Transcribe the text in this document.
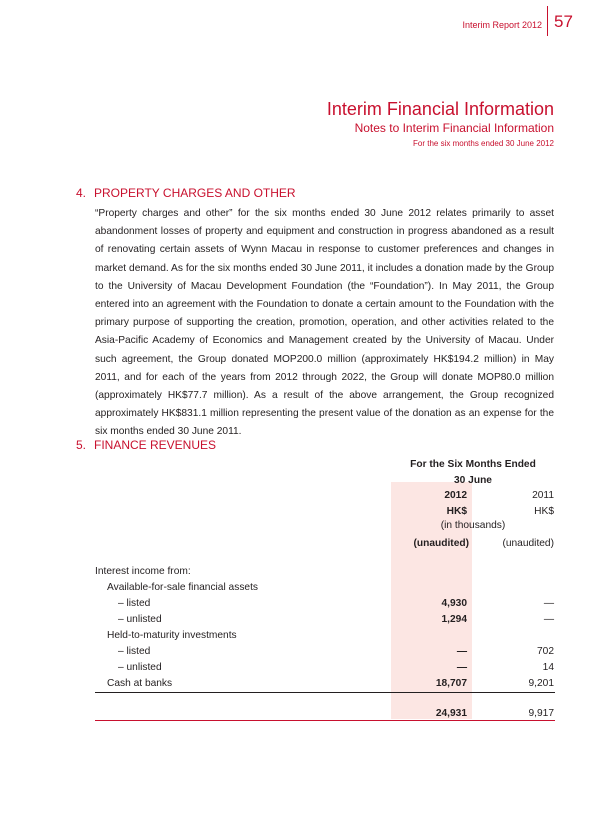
Interim Report 2012 57
Interim Financial Information
Notes to Interim Financial Information
For the six months ended 30 June 2012
4. PROPERTY CHARGES AND OTHER
“Property charges and other” for the six months ended 30 June 2012 relates primarily to asset abandonment losses of property and equipment and construction in progress abandoned as a result of renovating certain assets of Wynn Macau in response to customer preferences and changes in market demand. As for the six months ended 30 June 2011, it includes a donation made by the Group to the University of Macau Development Foundation (the “Foundation”). In May 2011, the Group entered into an agreement with the Foundation to donate a certain amount to the Foundation with the primary purpose of supporting the creation, promotion, operation, and other activities related to the Asia-Pacific Academy of Economics and Management created by the University of Macau. Under such agreement, the Group donated MOP200.0 million (approximately HK$194.2 million) in May 2011, and for each of the years from 2012 through 2022, the Group will donate MOP80.0 million (approximately HK$77.7 million). As a result of the above arrangement, the Group recognized approximately HK$831.1 million representing the present value of the donation as an expense for the six months ended 30 June 2011.
5. FINANCE REVENUES
For the Six Months Ended
30 June
2012	2011
HK$	HK$
(in thousands)
(unaudited)	(unaudited)
Interest income from:
Available-for-sale financial assets
– listed	4,930	—
– unlisted	1,294	—
Held-to-maturity investments
– listed	—	702
– unlisted	—	14
Cash at banks	18,707	9,201
24,931	9,917
